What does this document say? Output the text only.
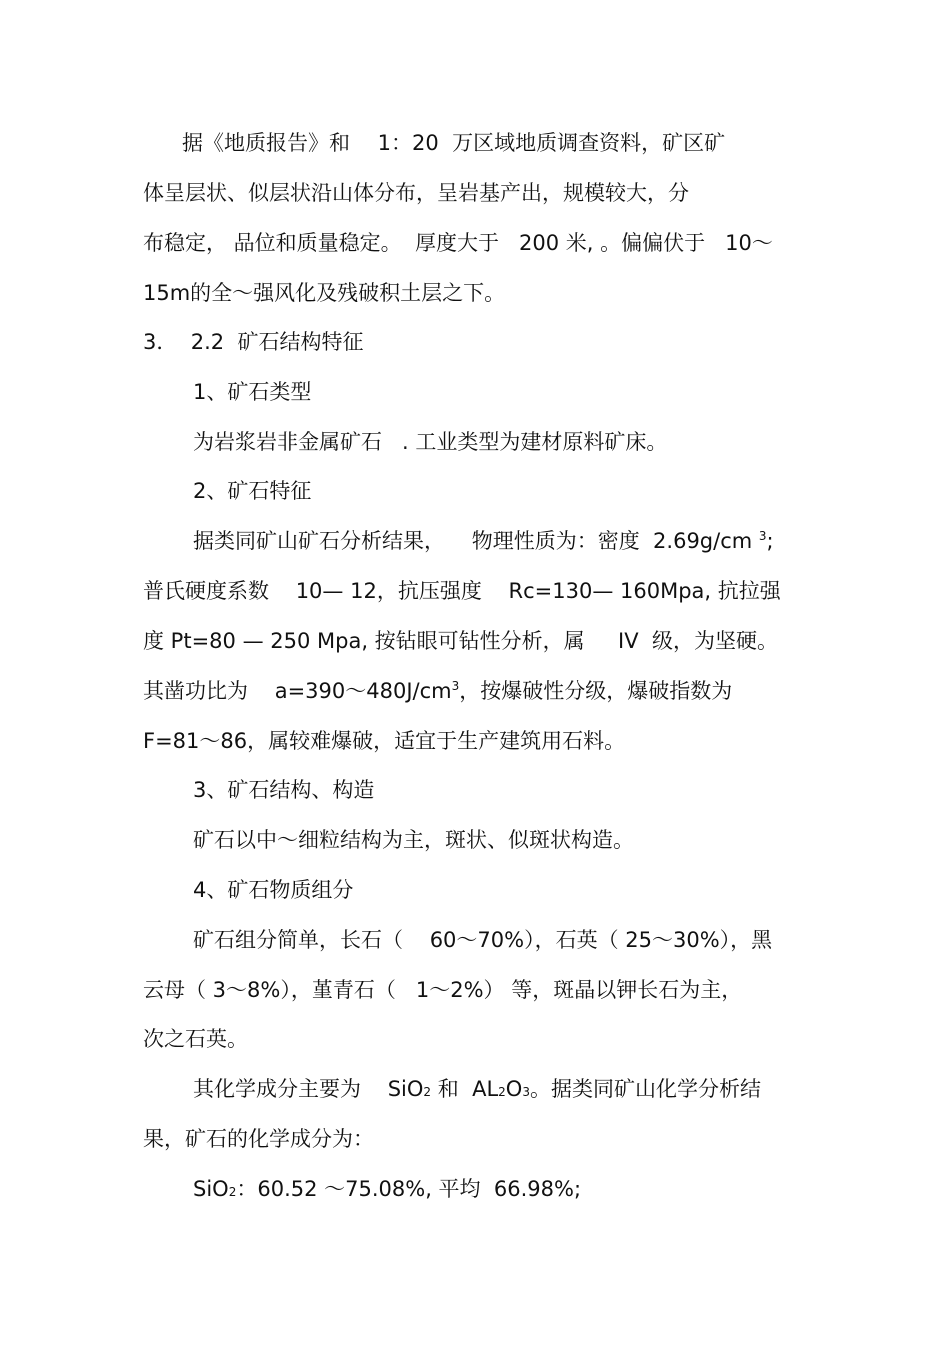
据《地质报告》和　 1：20  万区域地质调查资料，矿区矿
体呈层状、似层状沿山体分布，呈岩基产出，规模较大，分
布稳定， 品位和质量稳定。  厚度大于   200 米, 。偏偏伏于   10～
15m的全～强风化及残破积土层之下。
3．  2.2  矿石结构特征
1、矿石类型
为岩浆岩非金属矿石   . 工业类型为建材原料矿床。
2、矿石特征
据类同矿山矿石分析结果，    物理性质为：密度  2.69g/cm $^3$;
普氏硬度系数    10— 12，抗压强度    Rc=130— 160Mpa, 抗拉强
度 Pt=80 — 250 Mpa, 按钻眼可钻性分析，属     IV  级，为坚硬。
其凿功比为    $a=390\sim 480J/cm^3$，按爆破性分级，爆破指数为
F=81～86，属较难爆破，适宜于生产建筑用石料。
3、矿石结构、构造
矿石以中～细粒结构为主，斑状、似斑状构造。
4、矿石物质组分
矿石组分简单，长石（    60～70%），石英（ 25～30%），黑
云母（ 3～8%），堇青石（   1～2%） 等，斑晶以钾长石为主，
次之石英。
其化学成分主要为    SiO2 和  AL2O3。据类同矿山化学分析结
果，矿石的化学成分为：
SiO2：60.52 ～75.08%, 平均  66.98%;
